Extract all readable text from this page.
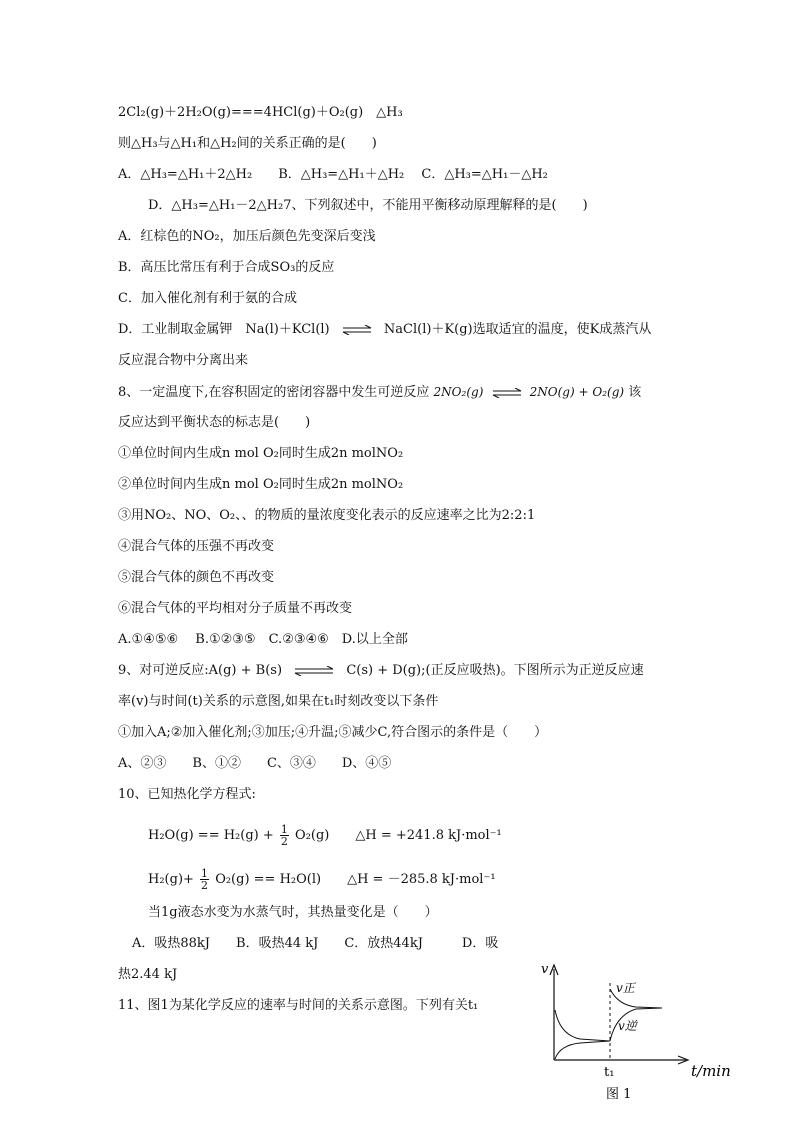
2Cl₂(g)＋2H₂O(g)===4HCl(g)＋O₂(g)　△H₃
则△H₃与△H₁和△H₂间的关系正确的是(　　)
A．△H₃=△H₁＋2△H₂　　B．△H₃=△H₁＋△H₂　 C．△H₃=△H₁－△H₂
D．△H₃=△H₁－2△H₂7、下列叙述中，不能用平衡移动原理解释的是(　　)
A．红棕色的NO₂，加压后颜色先变深后变浅
B．高压比常压有利于合成SO₃的反应
C．加入催化剂有利于氨的合成
D．工业制取金属钾　Na(l)＋KCl(l) ⇌ NaCl(l)＋K(g)选取适宜的温度，使K成蒸汽从
反应混合物中分离出来
8、一定温度下,在容积固定的密闭容器中发生可逆反应 2NO₂(g) ⇌ 2NO(g) + O₂(g) 该
反应达到平衡状态的标志是(　　)
①单位时间内生成n mol O₂同时生成2n molNO₂
②单位时间内生成n mol O₂同时生成2n molNO₂
③用NO₂、NO、O₂、、的物质的量浓度变化表示的反应速率之比为2:2:1
④混合气体的压强不再改变
⑤混合气体的颜色不再改变
⑥混合气体的平均相对分子质量不再改变
A.①④⑤⑥　 B.①②③⑤　C.②③④⑥　D.以上全部
9、对可逆反应:A(g) + B(s) ⇌ C(s) + D(g);(正反应吸热)。下图所示为正逆反应速
率(v)与时间(t)关系的示意图,如果在t₁时刻改变以下条件
①加入A;②加入催化剂;③加压;④升温;⑤减少C,符合图示的条件是（　　）
A、②③　　B、①②　　C、③④　　D、④⑤
10、已知热化学方程式:
$H_2O(g) == H_2(g) + \frac{1}{2} O_2(g)$　　△H = +241.8 kJ·mol⁻¹
$H_2(g)+ \frac{1}{2} O_2(g) == H_2O(l)$　　△H = －285.8 kJ·mol⁻¹
当1g液态水变为水蒸气时，其热量变化是（　　）
A．吸热88kJ　　B．吸热44 kJ　　C．放热44kJ　　　D．吸
热2.44 kJ
11、图1为某化学反应的速率与时间的关系示意图。下列有关t₁
v
t/min
t₁
v正
v逆
图 1
